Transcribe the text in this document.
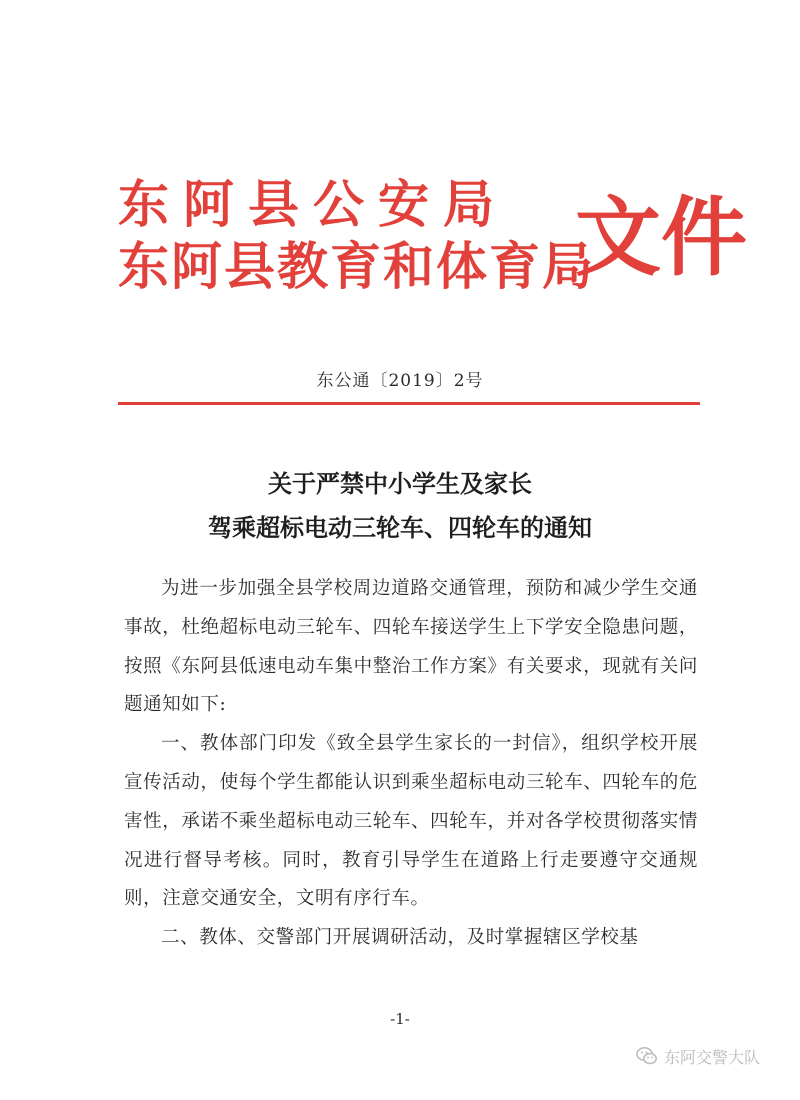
东阿县公安局
东阿县教育和体育局
文件
东公通〔2019〕2号
关于严禁中小学生及家长
驾乘超标电动三轮车、四轮车的通知

为进一步加强全县学校周边道路交通管理，预防和减少学生交通事故，杜绝超标电动三轮车、四轮车接送学生上下学安全隐患问题，按照《东阿县低速电动车集中整治工作方案》有关要求，现就有关问题通知如下:

一、教体部门印发《致全县学生家长的一封信》，组织学校开展宣传活动，使每个学生都能认识到乘坐超标电动三轮车、四轮车的危害性，承诺不乘坐超标电动三轮车、四轮车，并对各学校贯彻落实情况进行督导考核。同时，教育引导学生在道路上行走要遵守交通规则，注意交通安全，文明有序行车。

二、教体、交警部门开展调研活动，及时掌握辖区学校基

-1-
东阿交警大队
